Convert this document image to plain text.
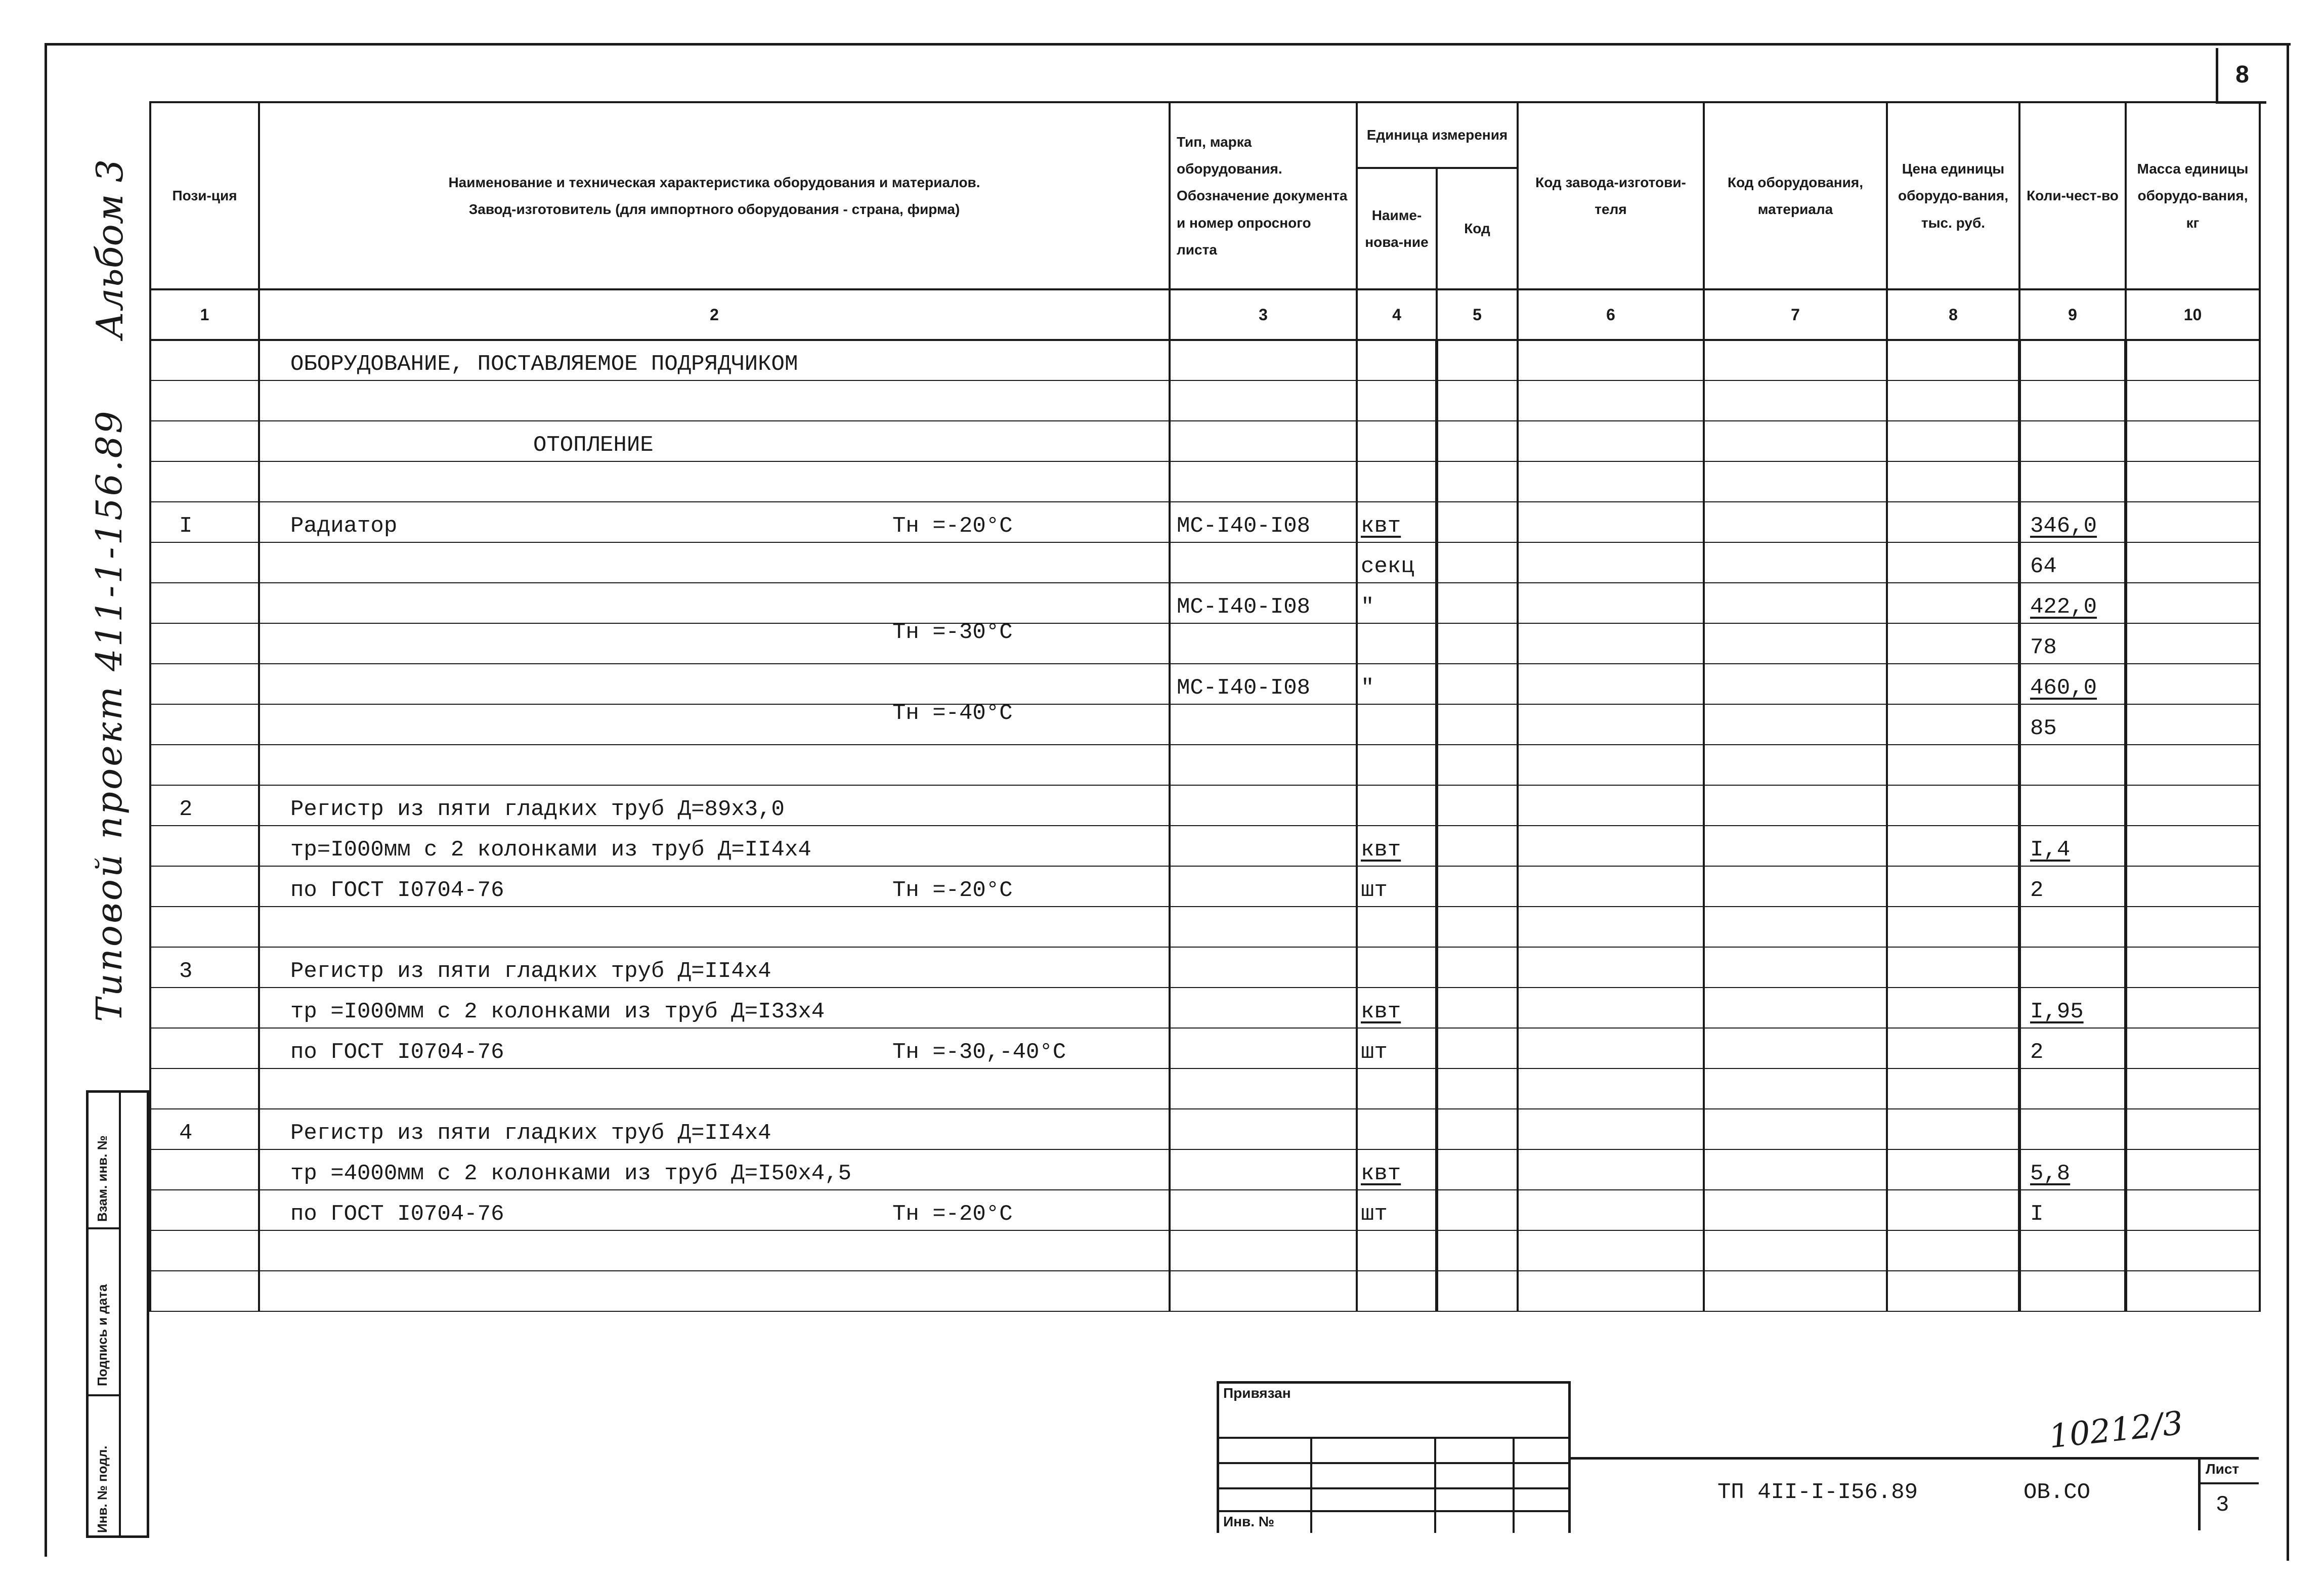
8
Альбом 3
Типовой проект 411-1-156.89
Взам. инв. №
Подпись и дата
Инв. № подл.
Пози-ция	Наименование и техническая характеристика оборудования и материалов.
Завод-изготовитель (для импортного оборудования - страна, фирма)	Тип, марка оборудования. Обозначение документа и номер опросного листа	Единица измерения		Код завода-изготови-теля	Код оборудования, материала	Цена единицы оборудо-вания, тыс. руб.	Коли-чест-во	Масса единицы оборудо-вания, кг
			Наиме-нова-ние	Код					
1	2	3	4	5	6	7	8	9	10
	ОБОРУДОВАНИЕ, ПОСТАВЛЯЕМОЕ ПОДРЯДЧИКОМ								

	ОТОПЛЕНИЕ								

I	Радиатор Тн =-20°С	МС-I40-I08	квт					346,0	
			секц					64	

	Тн =-30°С	МС-I40-I08	"					422,0	
								78	

	Тн =-40°С	МС-I40-I08	"					460,0	
								85	

2	Регистр из пяти гладких труб Д=89х3,0								
	тр=I000мм с 2 колонками из труб Д=II4х4		квт					I,4	
	по ГОСТ I0704-76 Тн =-20°С		шт					2	

3	Регистр из пяти гладких труб Д=II4х4								
	тр =I000мм с 2 колонками из труб Д=I33х4		квт					I,95	
	по ГОСТ I0704-76 Тн =-30,-40°С		шт					2	

4	Регистр из пяти гладких труб Д=II4х4								
	тр =4000мм с 2 колонками из труб Д=I50х4,5		квт					5,8	
	по ГОСТ I0704-76 Тн =-20°С		шт					I	

Привязан
Инв. №
ТП 4II-I-I56.89	ОВ.СО
Лист
3
10212/3
